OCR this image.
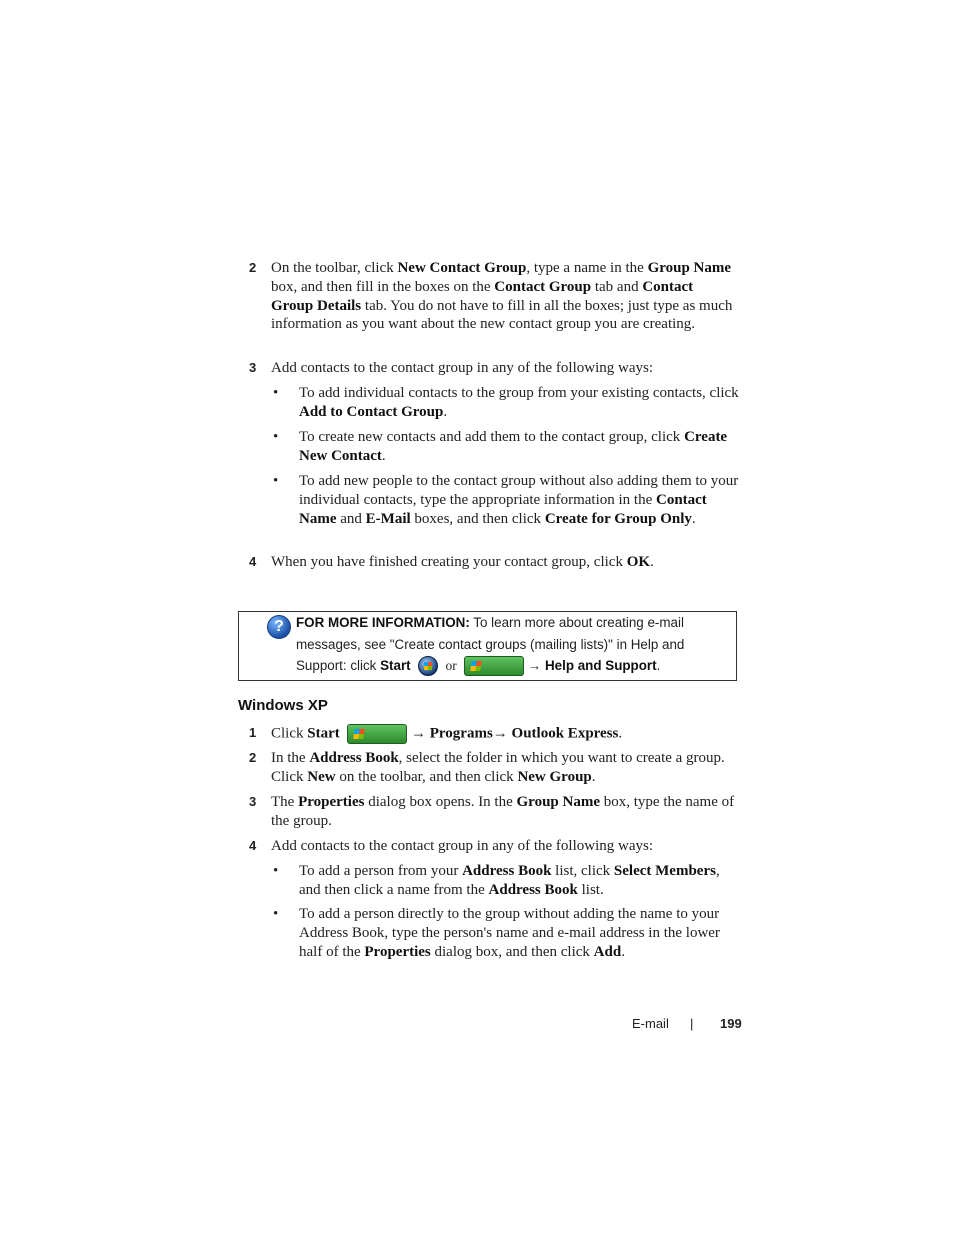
2 On the toolbar, click New Contact Group, type a name in the Group Name box, and then fill in the boxes on the Contact Group tab and Contact Group Details tab. You do not have to fill in all the boxes; just type as much information as you want about the new contact group you are creating.
3 Add contacts to the contact group in any of the following ways:
• To add individual contacts to the group from your existing contacts, click Add to Contact Group.
• To create new contacts and add them to the contact group, click Create New Contact.
• To add new people to the contact group without also adding them to your individual contacts, type the appropriate information in the Contact Name and E-Mail boxes, and then click Create for Group Only.
4 When you have finished creating your contact group, click OK.
? FOR MORE INFORMATION: To learn more about creating e-mail messages, see "Create contact groups (mailing lists)" in Help and Support: click Start	or	→ Help and Support.
Windows XP
1 Click Start	→ Programs→ Outlook Express.
2 In the Address Book, select the folder in which you want to create a group. Click New on the toolbar, and then click New Group.
3 The Properties dialog box opens. In the Group Name box, type the name of the group.
4 Add contacts to the contact group in any of the following ways:
• To add a person from your Address Book list, click Select Members, and then click a name from the Address Book list.
• To add a person directly to the group without adding the name to your Address Book, type the person's name and e-mail address in the lower half of the Properties dialog box, and then click Add.
E-mail | 199
